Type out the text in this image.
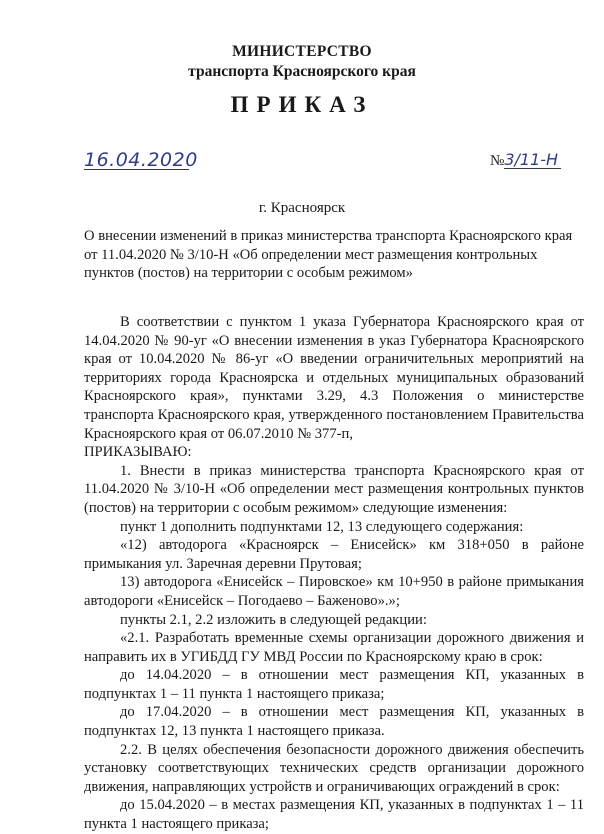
МИНИСТЕРСТВО
транспорта Красноярского края
ПРИКАЗ
16.04.2020	№3/11-Н
г. Красноярск

О внесении изменений в приказ министерства транспорта Красноярского края от 11.04.2020 № 3/10-Н «Об определении мест размещения контрольных пунктов (постов) на территории с особым режимом»

В соответствии с пунктом 1 указа Губернатора Красноярского края от 14.04.2020 № 90-уг «О внесении изменения в указ Губернатора Красноярского края от 10.04.2020 № 86-уг «О введении ограничительных мероприятий на территориях города Красноярска и отдельных муниципальных образований Красноярского края», пунктами 3.29, 4.3 Положения о министерстве транспорта Красноярского края, утвержденного постановлением Правительства Красноярского края от 06.07.2010 № 377-п,
ПРИКАЗЫВАЮ:
1. Внести в приказ министерства транспорта Красноярского края от 11.04.2020 № 3/10-Н «Об определении мест размещения контрольных пунктов (постов) на территории с особым режимом» следующие изменения:
пункт 1 дополнить подпунктами 12, 13 следующего содержания:
«12) автодорога «Красноярск – Енисейск» км 318+050 в районе примыкания ул. Заречная деревни Прутовая;
13) автодорога «Енисейск – Пировское» км 10+950 в районе примыкания автодороги «Енисейск – Погодаево – Баженово».»;
пункты 2.1, 2.2 изложить в следующей редакции:
«2.1. Разработать временные схемы организации дорожного движения и направить их в УГИБДД ГУ МВД России по Красноярскому краю в срок:
до 14.04.2020 – в отношении мест размещения КП, указанных в подпунктах 1 – 11 пункта 1 настоящего приказа;
до 17.04.2020 – в отношении мест размещения КП, указанных в подпунктах 12, 13 пункта 1 настоящего приказа.
2.2. В целях обеспечения безопасности дорожного движения обеспечить установку соответствующих технических средств организации дорожного движения, направляющих устройств и ограничивающих ограждений в срок:
до 15.04.2020 – в местах размещения КП, указанных в подпунктах 1 – 11 пункта 1 настоящего приказа;
